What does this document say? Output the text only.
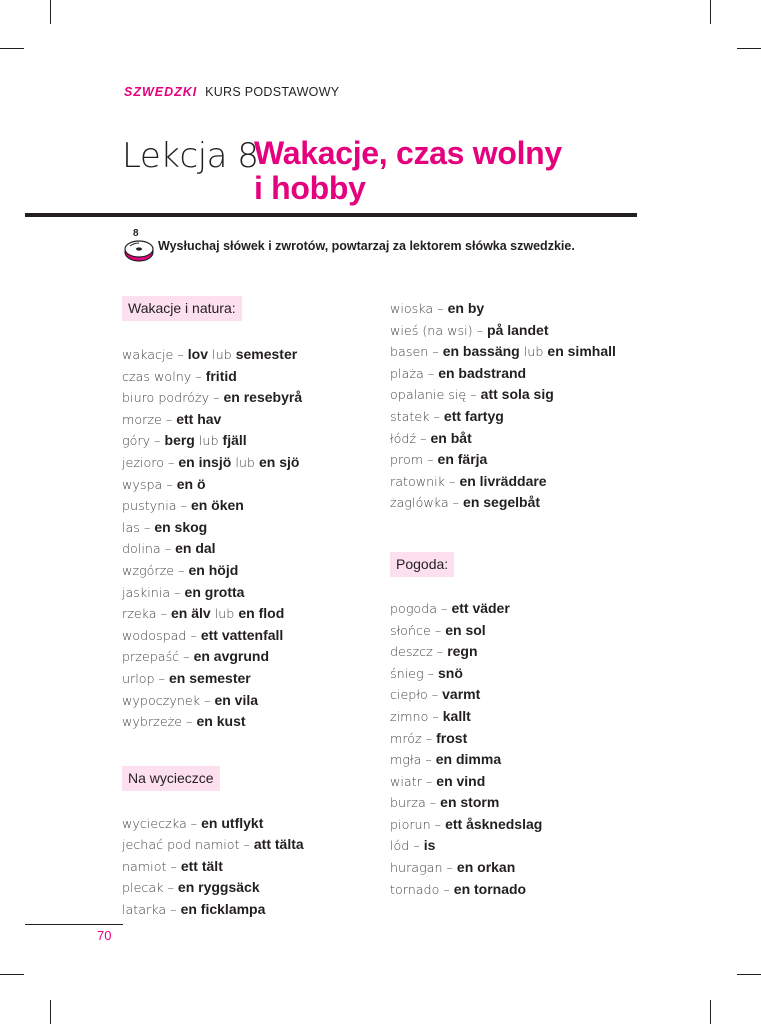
SZWEDZKI KURS PODSTAWOWY
Lekcja 8
Wakacje, czas wolny
i hobby
8
Wysłuchaj słówek i zwrotów, powtarzaj za lektorem słówka szwedzkie.
Wakacje i natura:
wakacje – lov lub semester
czas wolny – fritid
biuro podróży – en resebyrå
morze – ett hav
góry – berg lub fjäll
jezioro – en insjö lub en sjö
wyspa – en ö
pustynia – en öken
las – en skog
dolina – en dal
wzgórze – en höjd
jaskinia – en grotta
rzeka – en älv lub en flod
wodospad – ett vattenfall
przepaść – en avgrund
urlop – en semester
wypoczynek – en vila
wybrzeże – en kust
Na wycieczce
wycieczka – en utflykt
jechać pod namiot – att tälta
namiot – ett tält
plecak – en ryggsäck
latarka – en ficklampa
wioska – en by
wieś (na wsi) – på landet
basen – en bassäng lub en simhall
plaża – en badstrand
opalanie się – att sola sig
statek – ett fartyg
łódź – en båt
prom – en färja
ratownik – en livräddare
żaglówka – en segelbåt
Pogoda:
pogoda – ett väder
słońce – en sol
deszcz – regn
śnieg – snö
ciepło – varmt
zimno – kallt
mróz – frost
mgła – en dimma
wiatr – en vind
burza – en storm
piorun – ett åsknedslag
lód – is
huragan – en orkan
tornado – en tornado
70
